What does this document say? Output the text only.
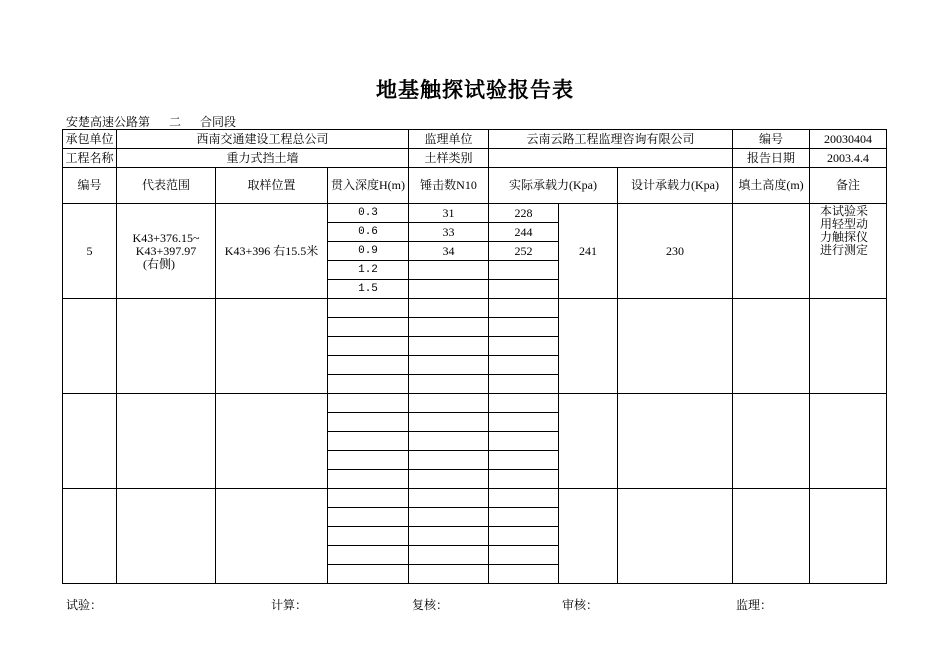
地基触探试验报告表
安楚高速公路第 二 合同段
承包单位	西南交通建设工程总公司			监理单位	云南云路工程监理咨询有限公司			编号	20030404
工程名称	重力式挡土墙			土样类别				报告日期	2003.4.4
编号	代表范围	取样位置	贯入深度H(m)	锤击数N10	实际承载力(Kpa)		设计承载力(Kpa)	填土高度(m)	备注
5	K43+376.15~
K43+397.97
(右侧)	K43+396 右15.5米	0.3	31	228	241	230		本试验采用轻型动力触探仪进行测定
			0.6	33	244				
			0.9	34	252				
			1.2						
			1.5						

试验：	计算：	复核：	审核：	监理：
